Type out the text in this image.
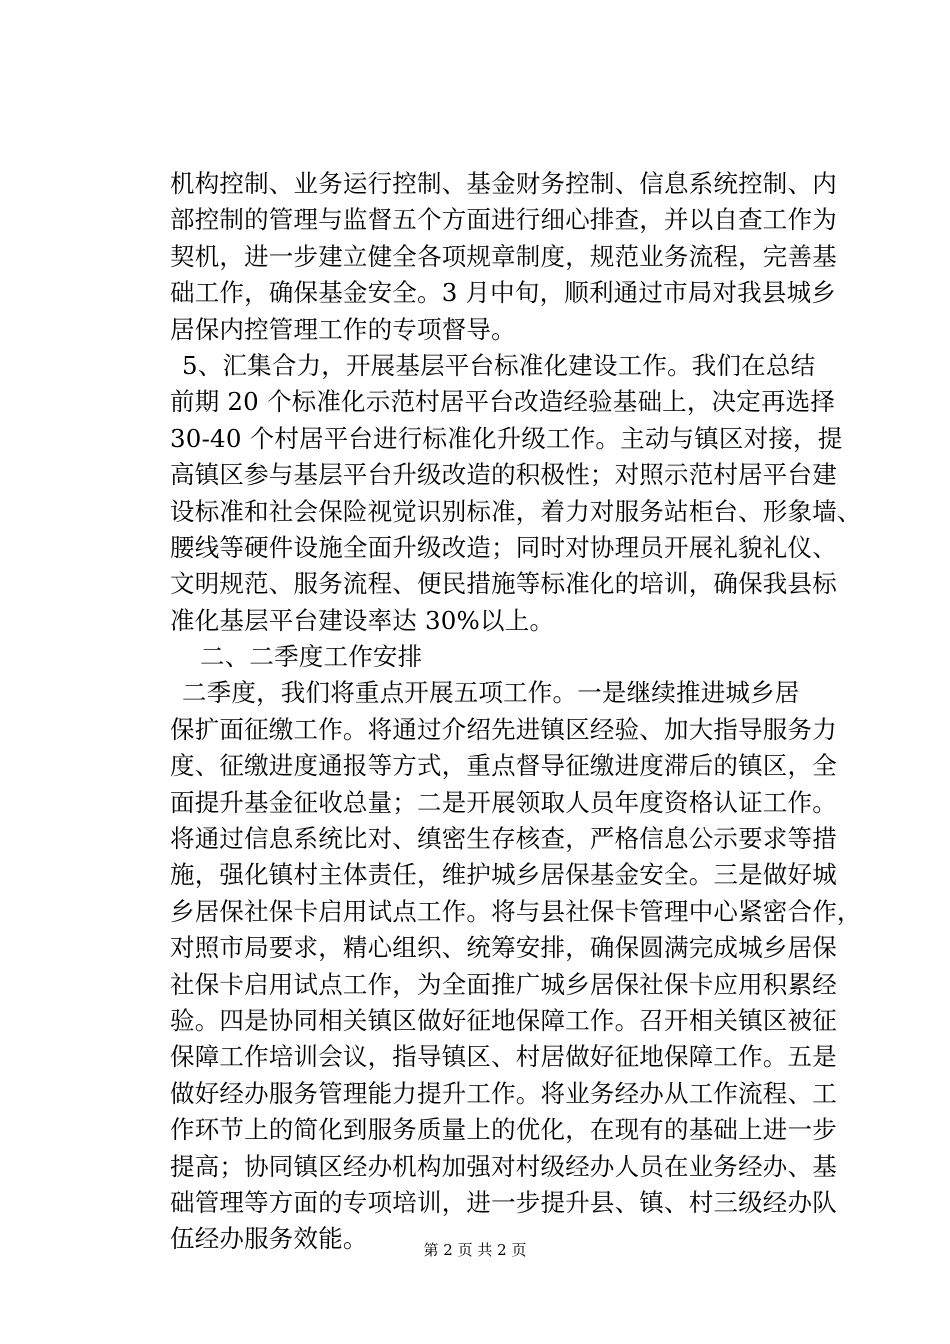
机构控制、业务运行控制、基金财务控制、信息系统控制、内
部控制的管理与监督五个方面进行细心排查，并以自查工作为
契机，进一步建立健全各项规章制度，规范业务流程，完善基
础工作，确保基金安全。3 月中旬，顺利通过市局对我县城乡
居保内控管理工作的专项督导。
5、汇集合力，开展基层平台标准化建设工作。我们在总结
前期 20 个标准化示范村居平台改造经验基础上，决定再选择
30-40 个村居平台进行标准化升级工作。主动与镇区对接，提
高镇区参与基层平台升级改造的积极性；对照示范村居平台建
设标准和社会保险视觉识别标准，着力对服务站柜台、形象墙、
腰线等硬件设施全面升级改造；同时对协理员开展礼貌礼仪、
文明规范、服务流程、便民措施等标准化的培训，确保我县标
准化基层平台建设率达 30%以上。
二、二季度工作安排
二季度，我们将重点开展五项工作。一是继续推进城乡居
保扩面征缴工作。将通过介绍先进镇区经验、加大指导服务力
度、征缴进度通报等方式，重点督导征缴进度滞后的镇区，全
面提升基金征收总量；二是开展领取人员年度资格认证工作。
将通过信息系统比对、缜密生存核查，严格信息公示要求等措
施，强化镇村主体责任，维护城乡居保基金安全。三是做好城
乡居保社保卡启用试点工作。将与县社保卡管理中心紧密合作，
对照市局要求，精心组织、统筹安排，确保圆满完成城乡居保
社保卡启用试点工作，为全面推广城乡居保社保卡应用积累经
验。四是协同相关镇区做好征地保障工作。召开相关镇区被征
保障工作培训会议，指导镇区、村居做好征地保障工作。五是
做好经办服务管理能力提升工作。将业务经办从工作流程、工
作环节上的简化到服务质量上的优化，在现有的基础上进一步
提高；协同镇区经办机构加强对村级经办人员在业务经办、基
础管理等方面的专项培训，进一步提升县、镇、村三级经办队
伍经办服务效能。	第 2 页 共 2 页
